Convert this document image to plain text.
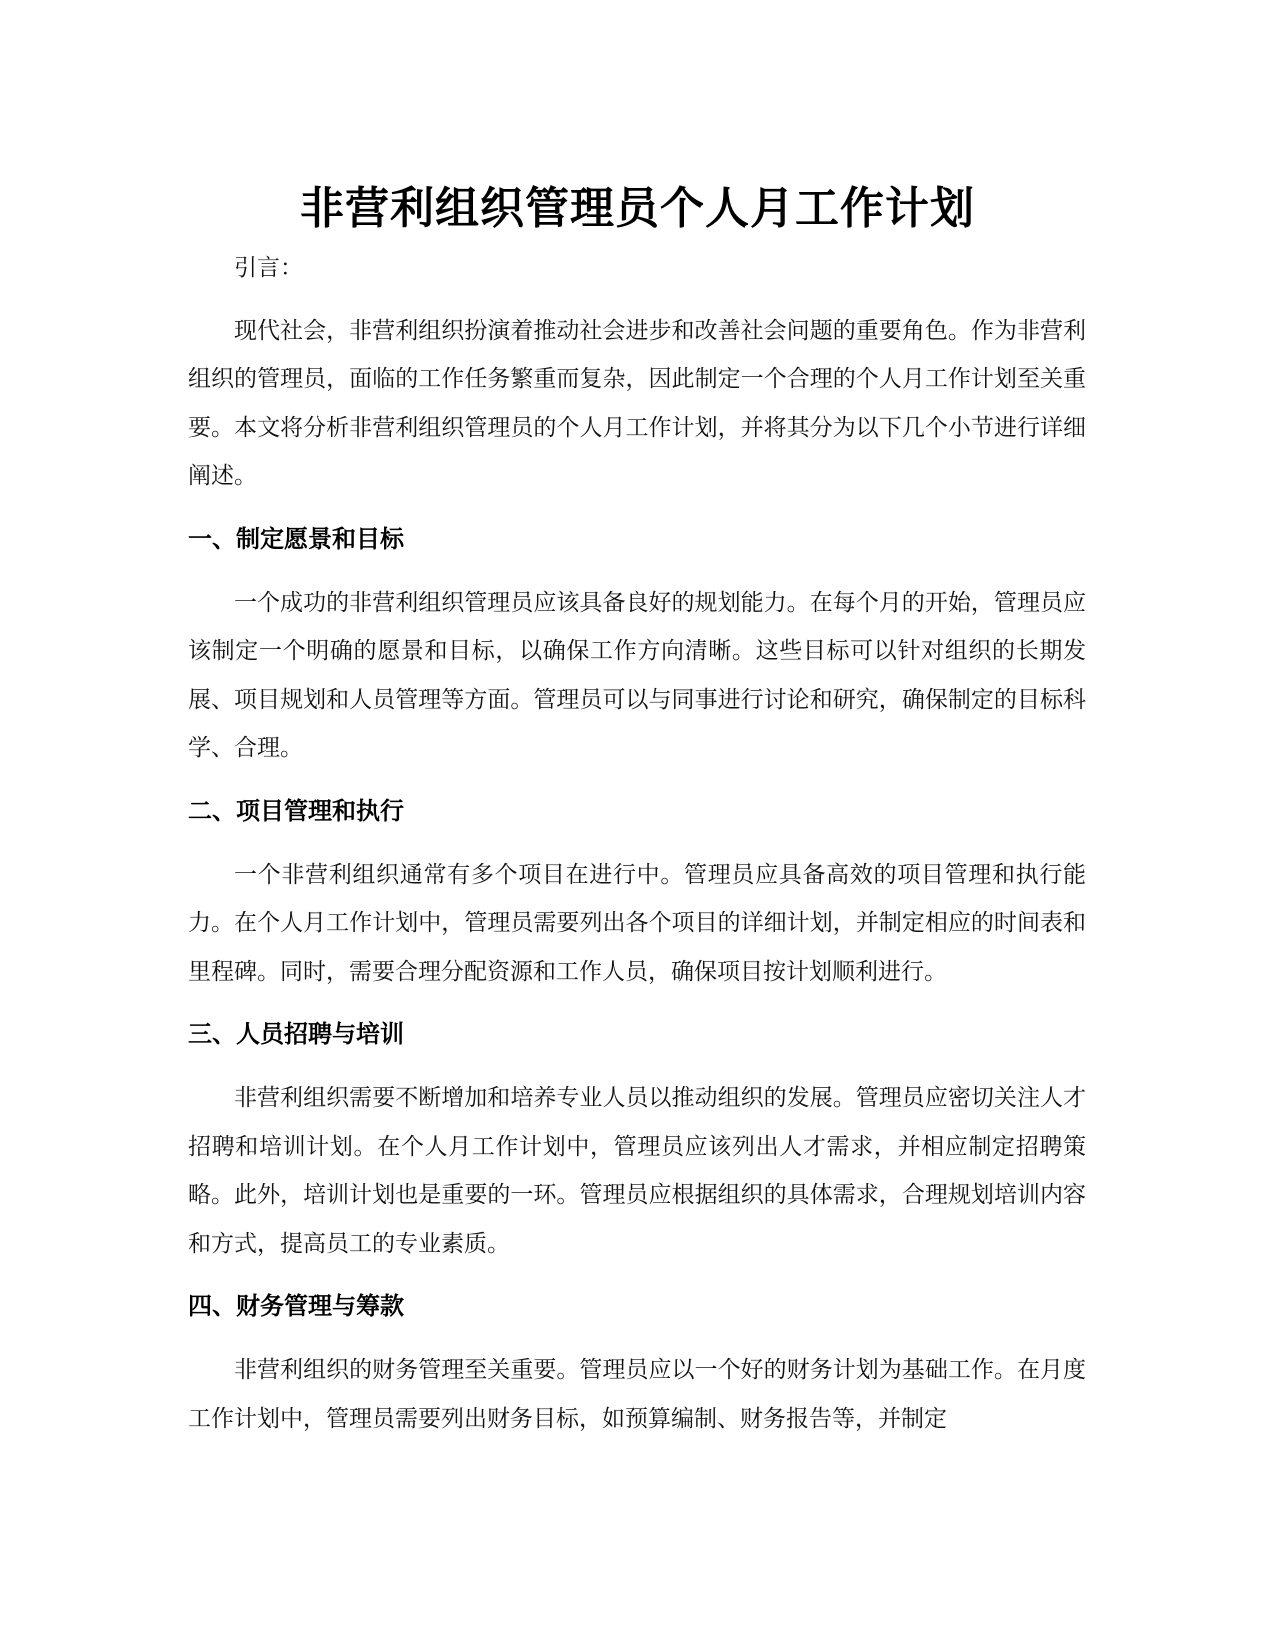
非营利组织管理员个人月工作计划

引言：

现代社会，非营利组织扮演着推动社会进步和改善社会问题的重要角色。作为非营利组织的管理员，面临的工作任务繁重而复杂，因此制定一个合理的个人月工作计划至关重要。本文将分析非营利组织管理员的个人月工作计划，并将其分为以下几个小节进行详细阐述。

一、制定愿景和目标

一个成功的非营利组织管理员应该具备良好的规划能力。在每个月的开始，管理员应该制定一个明确的愿景和目标，以确保工作方向清晰。这些目标可以针对组织的长期发展、项目规划和人员管理等方面。管理员可以与同事进行讨论和研究，确保制定的目标科学、合理。

二、项目管理和执行

一个非营利组织通常有多个项目在进行中。管理员应具备高效的项目管理和执行能力。在个人月工作计划中，管理员需要列出各个项目的详细计划，并制定相应的时间表和里程碑。同时，需要合理分配资源和工作人员，确保项目按计划顺利进行。

三、人员招聘与培训

非营利组织需要不断增加和培养专业人员以推动组织的发展。管理员应密切关注人才招聘和培训计划。在个人月工作计划中，管理员应该列出人才需求，并相应制定招聘策略。此外，培训计划也是重要的一环。管理员应根据组织的具体需求，合理规划培训内容和方式，提高员工的专业素质。

四、财务管理与筹款

非营利组织的财务管理至关重要。管理员应以一个好的财务计划为基础工作。在月度工作计划中，管理员需要列出财务目标，如预算编制、财务报告等，并制定
